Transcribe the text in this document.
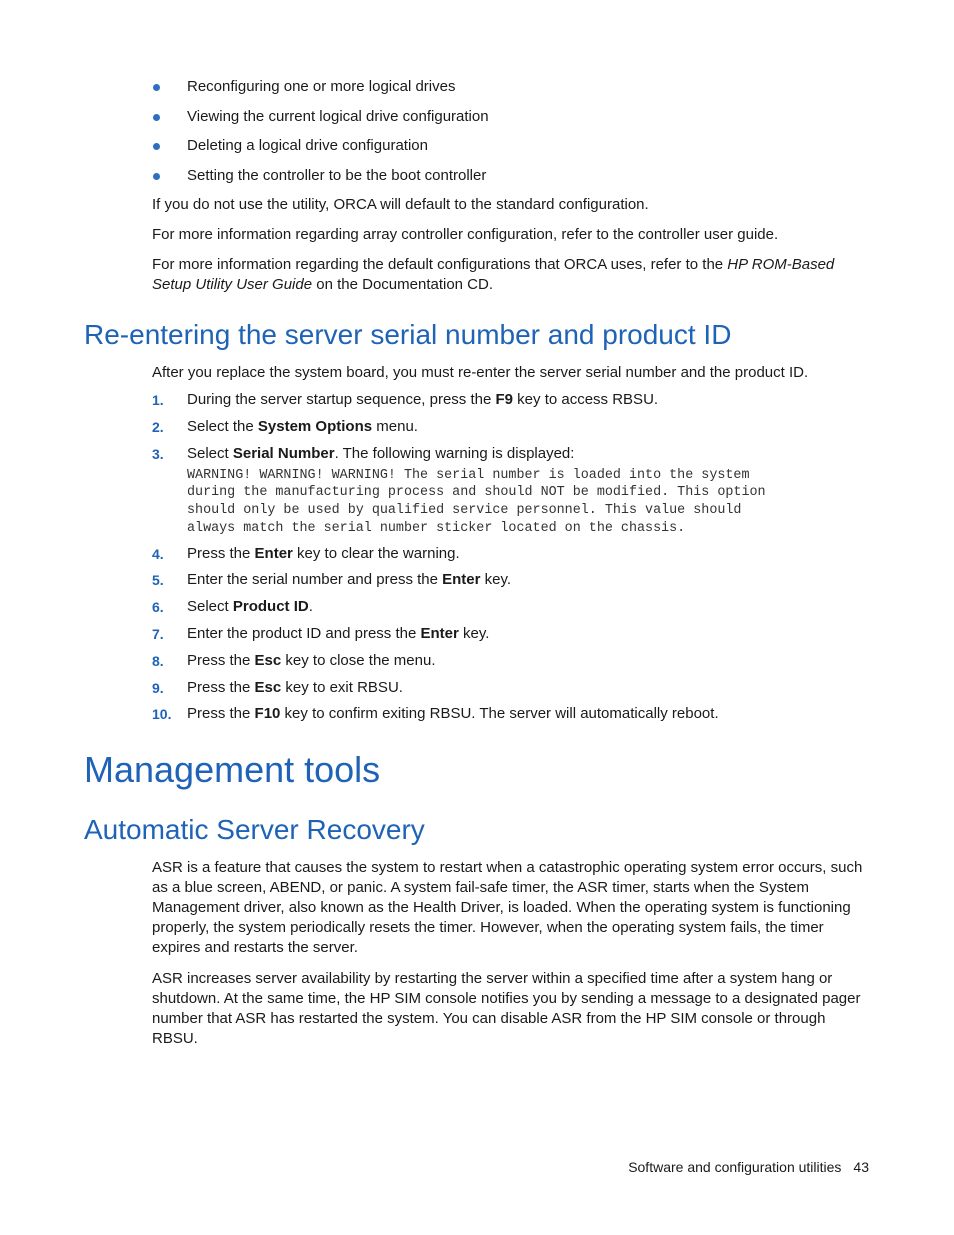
Reconfiguring one or more logical drives
Viewing the current logical drive configuration
Deleting a logical drive configuration
Setting the controller to be the boot controller

If you do not use the utility, ORCA will default to the standard configuration.

For more information regarding array controller configuration, refer to the controller user guide.

For more information regarding the default configurations that ORCA uses, refer to the HP ROM-Based Setup Utility User Guide on the Documentation CD.

Re-entering the server serial number and product ID

After you replace the system board, you must re-enter the server serial number and the product ID.

1. During the server startup sequence, press the F9 key to access RBSU.
2. Select the System Options menu.
3. Select Serial Number. The following warning is displayed:
WARNING! WARNING! WARNING! The serial number is loaded into the system
during the manufacturing process and should NOT be modified. This option
should only be used by qualified service personnel. This value should
always match the serial number sticker located on the chassis.
4. Press the Enter key to clear the warning.
5. Enter the serial number and press the Enter key.
6. Select Product ID.
7. Enter the product ID and press the Enter key.
8. Press the Esc key to close the menu.
9. Press the Esc key to exit RBSU.
10. Press the F10 key to confirm exiting RBSU. The server will automatically reboot.
Management tools
Automatic Server Recovery

ASR is a feature that causes the system to restart when a catastrophic operating system error occurs, such as a blue screen, ABEND, or panic. A system fail-safe timer, the ASR timer, starts when the System Management driver, also known as the Health Driver, is loaded. When the operating system is functioning properly, the system periodically resets the timer. However, when the operating system fails, the timer expires and restarts the server.

ASR increases server availability by restarting the server within a specified time after a system hang or shutdown. At the same time, the HP SIM console notifies you by sending a message to a designated pager number that ASR has restarted the system. You can disable ASR from the HP SIM console or through RBSU.

Software and configuration utilities 43
